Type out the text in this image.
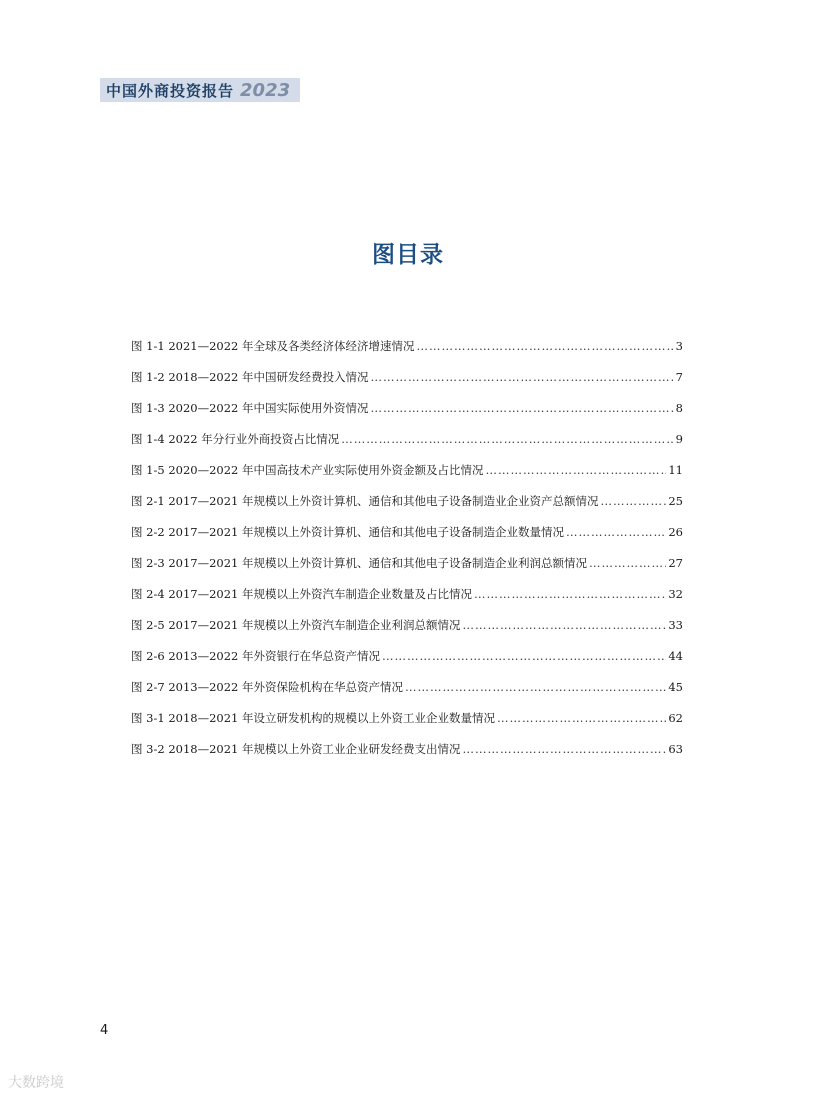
中国外商投资报告 2023
图目录
图 1-1 2021—2022 年全球及各类经济体经济增速情况 ……………………………………………………………………………………………………………………………………………	3
图 1-2 2018—2022 年中国研发经费投入情况 ……………………………………………………………………………………………………………………………………………	7
图 1-3 2020—2022 年中国实际使用外资情况 ……………………………………………………………………………………………………………………………………………	8
图 1-4 2022 年分行业外商投资占比情况 ……………………………………………………………………………………………………………………………………………	9
图 1-5 2020—2022 年中国高技术产业实际使用外资金额及占比情况 ……………………………………………………………………………………………………………………………………………	11
图 2-1 2017—2021 年规模以上外资计算机、通信和其他电子设备制造业企业资产总额情况 ……………………………………………………………………………………………………………………………………………	25
图 2-2 2017—2021 年规模以上外资计算机、通信和其他电子设备制造企业数量情况 ……………………………………………………………………………………………………………………………………………	26
图 2-3 2017—2021 年规模以上外资计算机、通信和其他电子设备制造企业利润总额情况 ……………………………………………………………………………………………………………………………………………	27
图 2-4 2017—2021 年规模以上外资汽车制造企业数量及占比情况 ……………………………………………………………………………………………………………………………………………	32
图 2-5 2017—2021 年规模以上外资汽车制造企业利润总额情况 ……………………………………………………………………………………………………………………………………………	33
图 2-6 2013—2022 年外资银行在华总资产情况 ……………………………………………………………………………………………………………………………………………	44
图 2-7 2013—2022 年外资保险机构在华总资产情况 ……………………………………………………………………………………………………………………………………………	45
图 3-1 2018—2021 年设立研发机构的规模以上外资工业企业数量情况 ……………………………………………………………………………………………………………………………………………	62
图 3-2 2018—2021 年规模以上外资工业企业研发经费支出情况 ……………………………………………………………………………………………………………………………………………	63
4
大数跨境
